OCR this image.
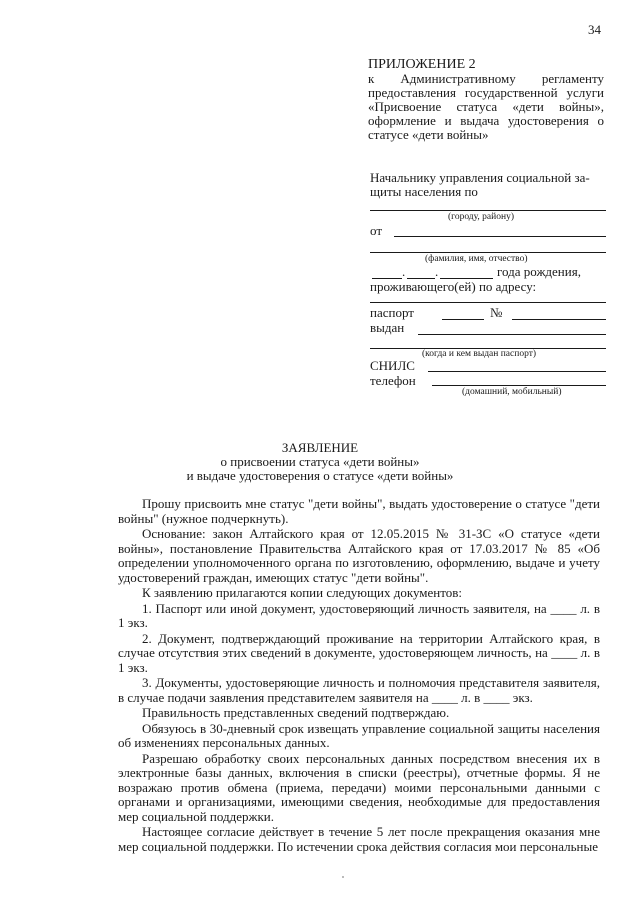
34
ПРИЛОЖЕНИЕ 2
к Административному регламенту предоставления государственной услуги «Присвоение статуса «дети войны», оформление и выдача удостоверения о статусе «дети войны»
Начальнику управления социальной за-
щиты населения по
(городу, району)
от
(фамилия, имя, отчество)
. .	года рождения,
проживающего(ей) по адресу:
паспорт	№
выдан
(когда и кем выдан паспорт)
СНИЛС
телефон
(домашний, мобильный)
ЗАЯВЛЕНИЕ
о присвоении статуса «дети войны»
и выдаче удостоверения о статусе «дети войны»

Прошу присвоить мне статус "дети войны", выдать удостоверение о статусе "дети войны" (нужное подчеркнуть).

Основание: закон Алтайского края от 12.05.2015 № 31-ЗС «О статусе «дети войны», постановление Правительства Алтайского края от 17.03.2017 № 85 «Об определении уполномоченного органа по изготовлению, оформлению, выдаче и учету удостоверений граждан, имеющих статус "дети войны".

К заявлению прилагаются копии следующих документов:

1. Паспорт или иной документ, удостоверяющий личность заявителя, на ____ л. в 1 экз.

2. Документ, подтверждающий проживание на территории Алтайского края, в случае отсутствия этих сведений в документе, удостоверяющем личность, на ____ л. в 1 экз.

3. Документы, удостоверяющие личность и полномочия представителя заявителя, в случае подачи заявления представителем заявителя на ____ л. в ____ экз.

Правильность представленных сведений подтверждаю.

Обязуюсь в 30-дневный срок извещать управление социальной защиты населения об изменениях персональных данных.

Разрешаю обработку своих персональных данных посредством внесения их в электронные базы данных, включения в списки (реестры), отчетные формы. Я не возражаю против обмена (приема, передачи) моими персональными данными с органами и организациями, имеющими сведения, необходимые для предоставления мер социальной поддержки.

Настоящее согласие действует в течение 5 лет после прекращения оказания мне мер социальной поддержки. По истечении срока действия согласия мои персональные
